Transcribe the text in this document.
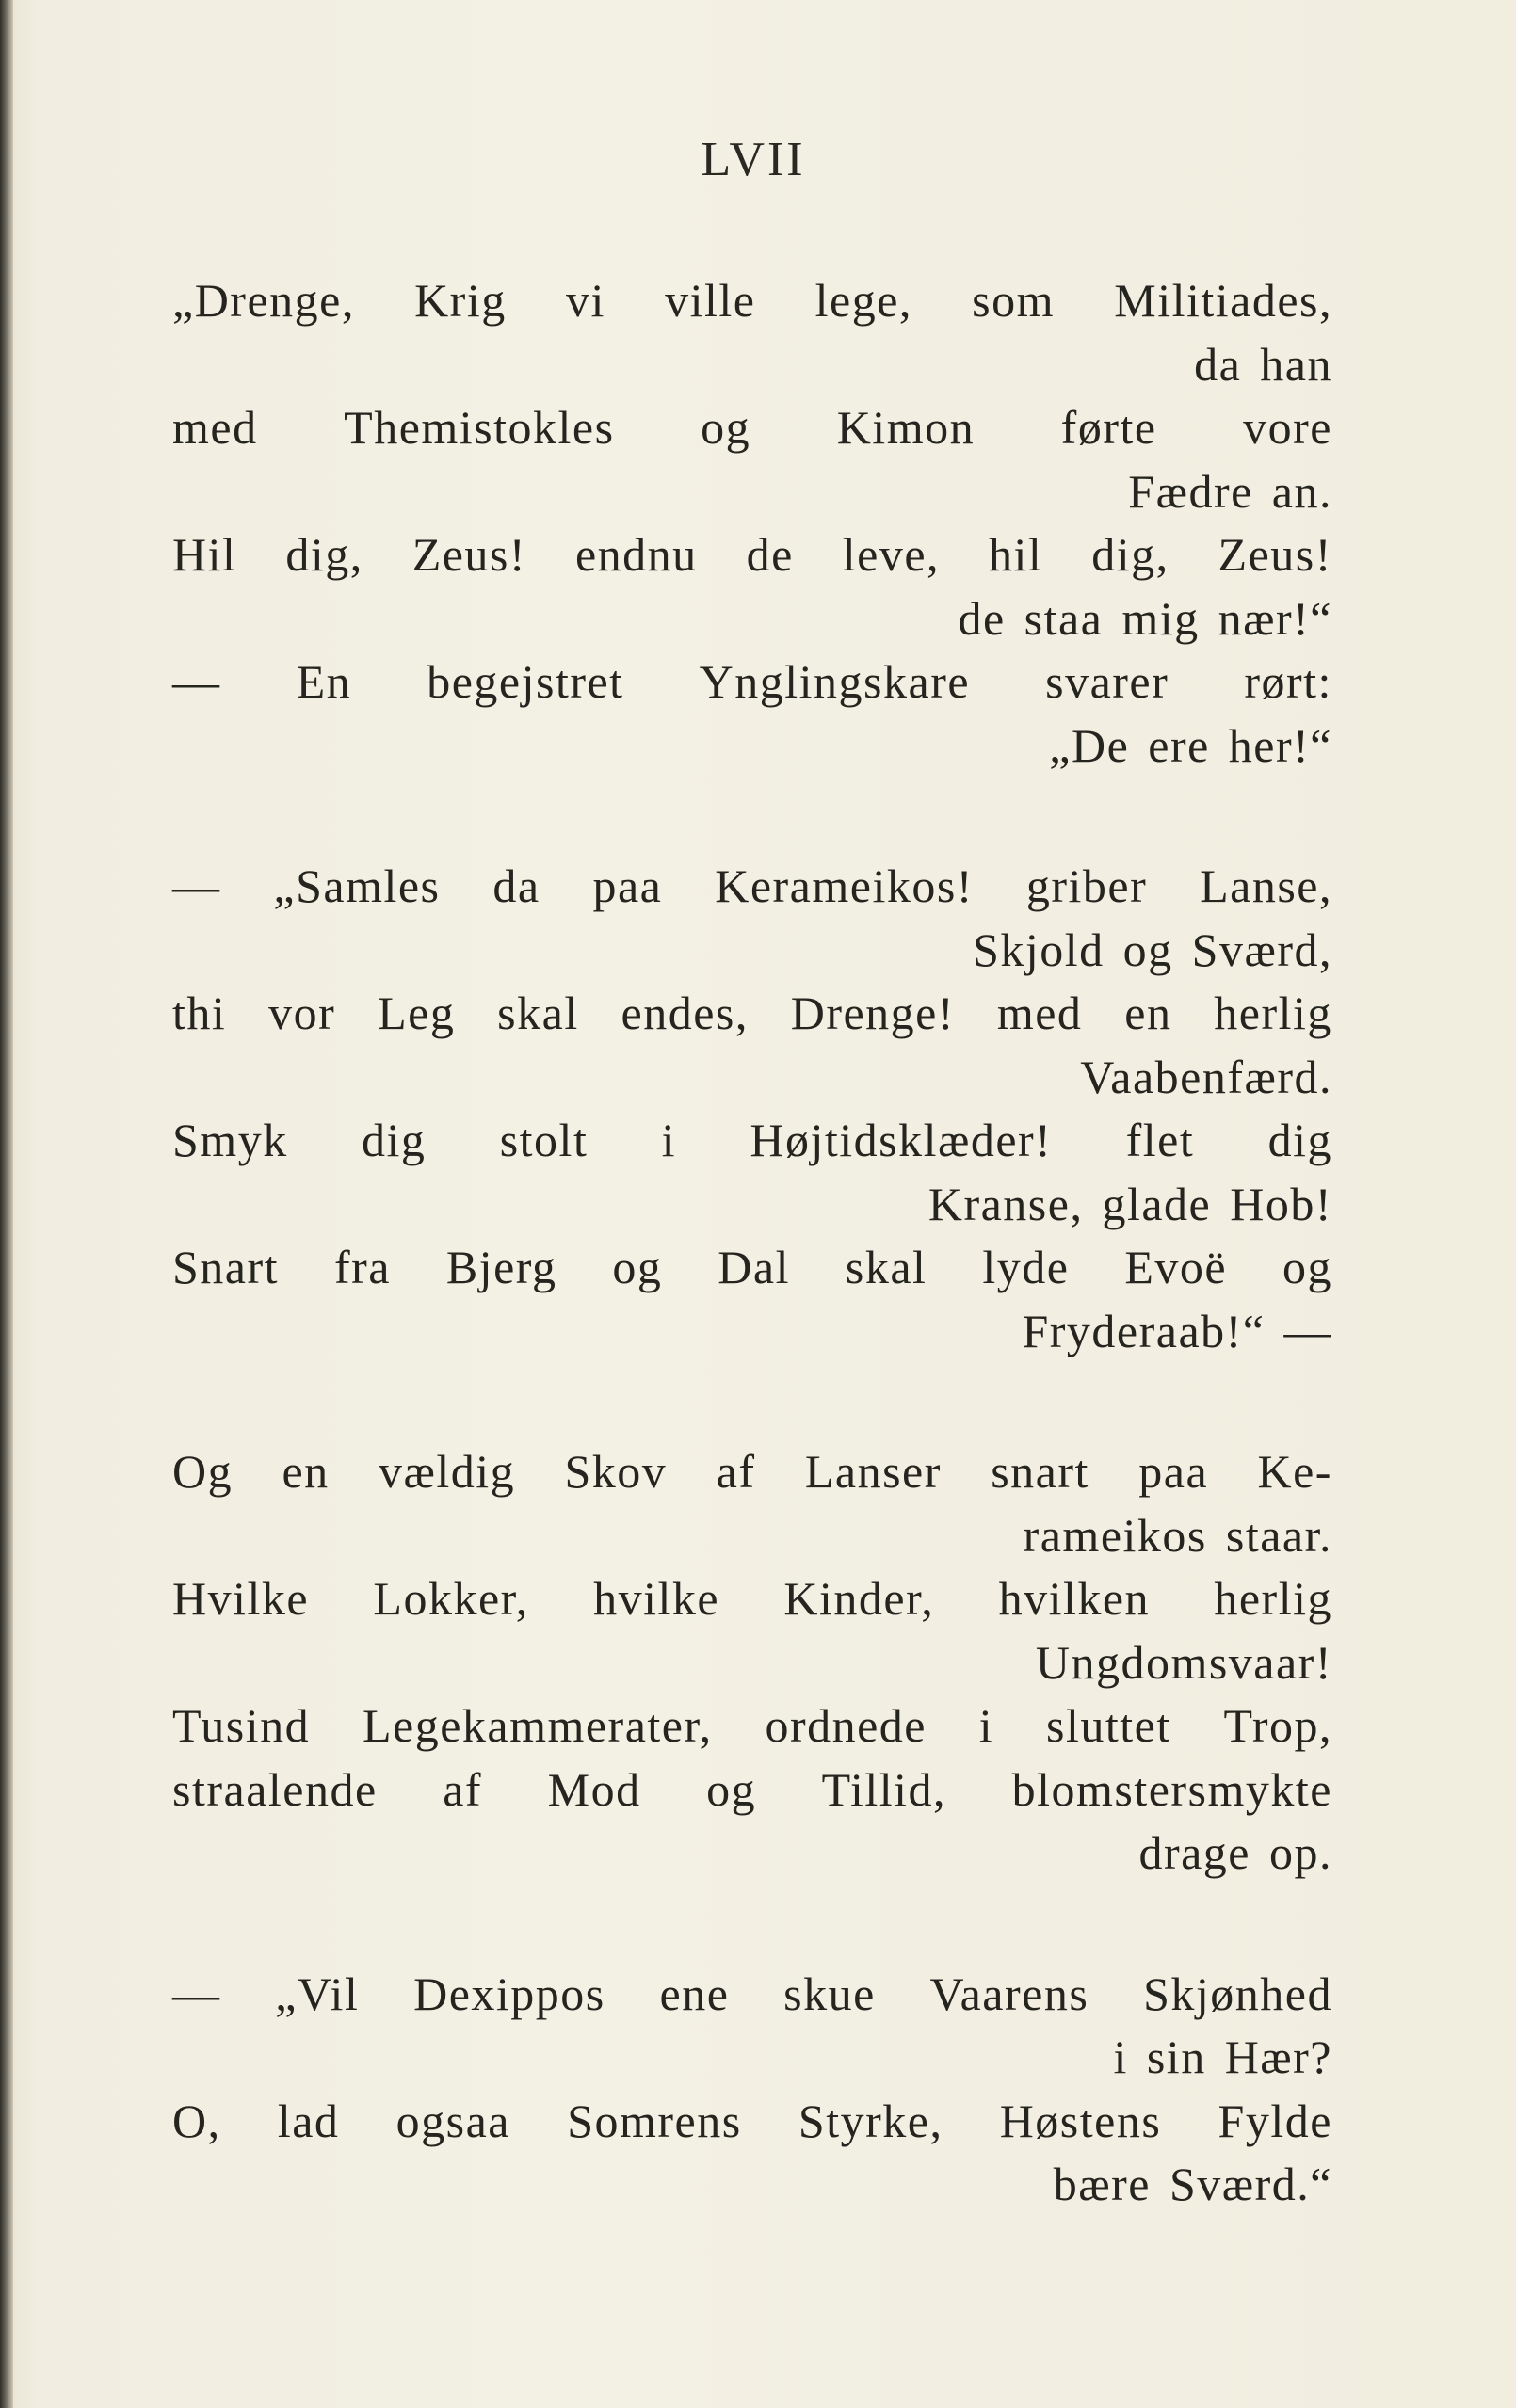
LVII
„Drenge, Krig vi ville lege, som Militiades,
da han
med Themistokles og Kimon førte vore
Fædre an.
Hil dig, Zeus! endnu de leve, hil dig, Zeus!
de staa mig nær!“
— En begejstret Ynglingskare svarer rørt:
„De ere her!“
— „Samles da paa Kerameikos! griber Lanse,
Skjold og Sværd,
thi vor Leg skal endes, Drenge! med en herlig
Vaabenfærd.
Smyk dig stolt i Højtidsklæder! flet dig
Kranse, glade Hob!
Snart fra Bjerg og Dal skal lyde Evoë og
Fryderaab!“ —
Og en vældig Skov af Lanser snart paa Ke-
rameikos staar.
Hvilke Lokker, hvilke Kinder, hvilken herlig
Ungdomsvaar!
Tusind Legekammerater, ordnede i sluttet Trop,
straalende af Mod og Tillid, blomstersmykte
drage op.
— „Vil Dexippos ene skue Vaarens Skjønhed
i sin Hær?
O, lad ogsaa Somrens Styrke, Høstens Fylde
bære Sværd.“
